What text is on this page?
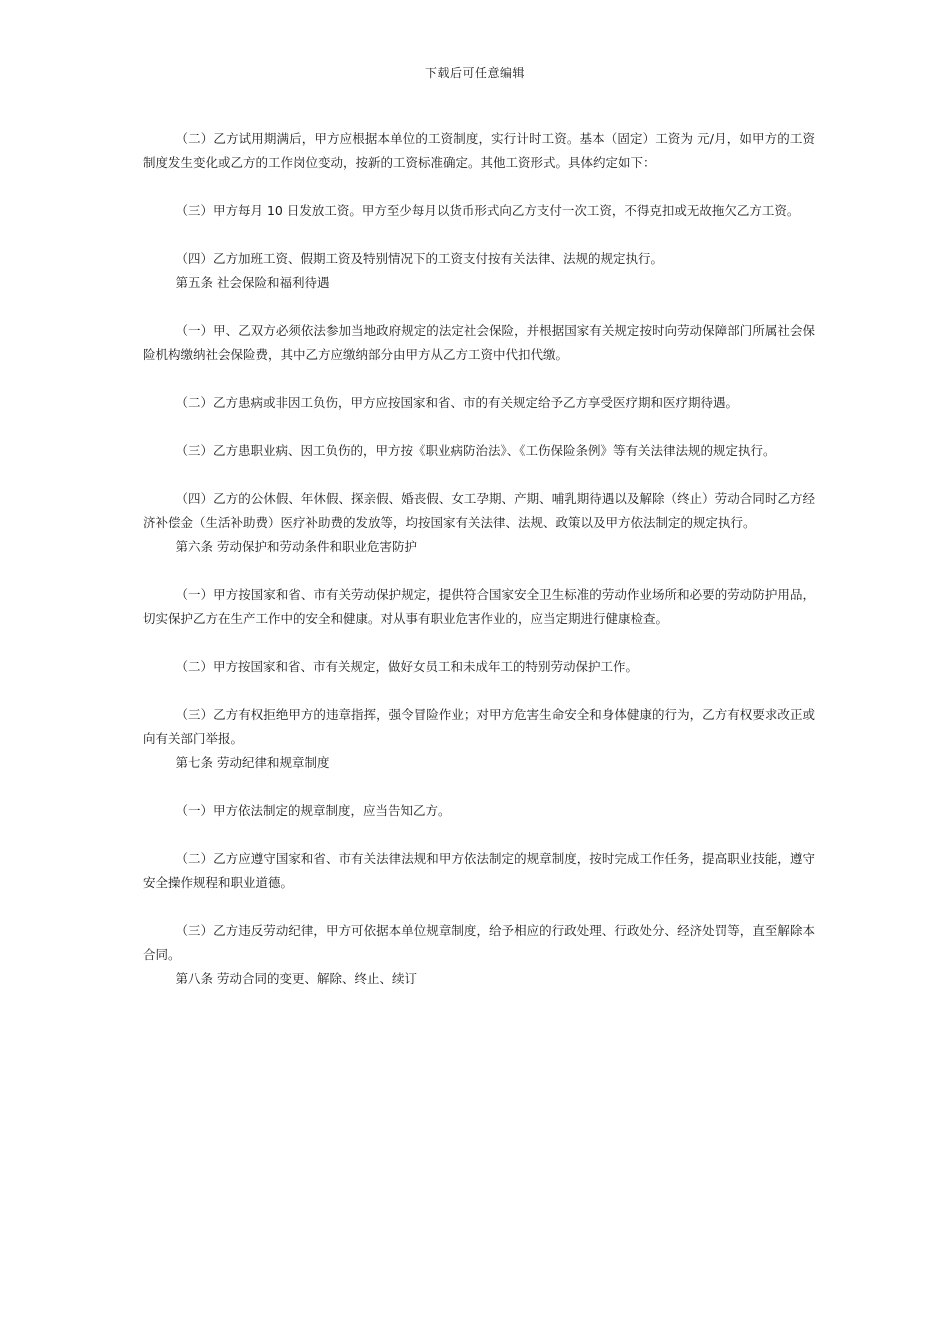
下载后可任意编辑

（二）乙方试用期满后，甲方应根据本单位的工资制度，实行计时工资。基本（固定）工资为 元/月，如甲方的工资制度发生变化或乙方的工作岗位变动，按新的工资标准确定。其他工资形式。具体约定如下：

（三）甲方每月 10 日发放工资。甲方至少每月以货币形式向乙方支付一次工资，不得克扣或无故拖欠乙方工资。

（四）乙方加班工资、假期工资及特别情况下的工资支付按有关法律、法规的规定执行。

第五条 社会保险和福利待遇

（一）甲、乙双方必须依法参加当地政府规定的法定社会保险，并根据国家有关规定按时向劳动保障部门所属社会保险机构缴纳社会保险费，其中乙方应缴纳部分由甲方从乙方工资中代扣代缴。

（二）乙方患病或非因工负伤，甲方应按国家和省、市的有关规定给予乙方享受医疗期和医疗期待遇。

（三）乙方患职业病、因工负伤的，甲方按《职业病防治法》、《工伤保险条例》等有关法律法规的规定执行。

（四）乙方的公休假、年休假、探亲假、婚丧假、女工孕期、产期、哺乳期待遇以及解除（终止）劳动合同时乙方经济补偿金（生活补助费）医疗补助费的发放等，均按国家有关法律、法规、政策以及甲方依法制定的规定执行。

第六条 劳动保护和劳动条件和职业危害防护

（一）甲方按国家和省、市有关劳动保护规定，提供符合国家安全卫生标准的劳动作业场所和必要的劳动防护用品，切实保护乙方在生产工作中的安全和健康。对从事有职业危害作业的，应当定期进行健康检查。

（二）甲方按国家和省、市有关规定，做好女员工和未成年工的特别劳动保护工作。

（三）乙方有权拒绝甲方的违章指挥，强令冒险作业；对甲方危害生命安全和身体健康的行为，乙方有权要求改正或向有关部门举报。

第七条 劳动纪律和规章制度

（一）甲方依法制定的规章制度，应当告知乙方。

（二）乙方应遵守国家和省、市有关法律法规和甲方依法制定的规章制度，按时完成工作任务，提高职业技能，遵守安全操作规程和职业道德。

（三）乙方违反劳动纪律，甲方可依据本单位规章制度，给予相应的行政处理、行政处分、经济处罚等，直至解除本合同。

第八条 劳动合同的变更、解除、终止、续订
